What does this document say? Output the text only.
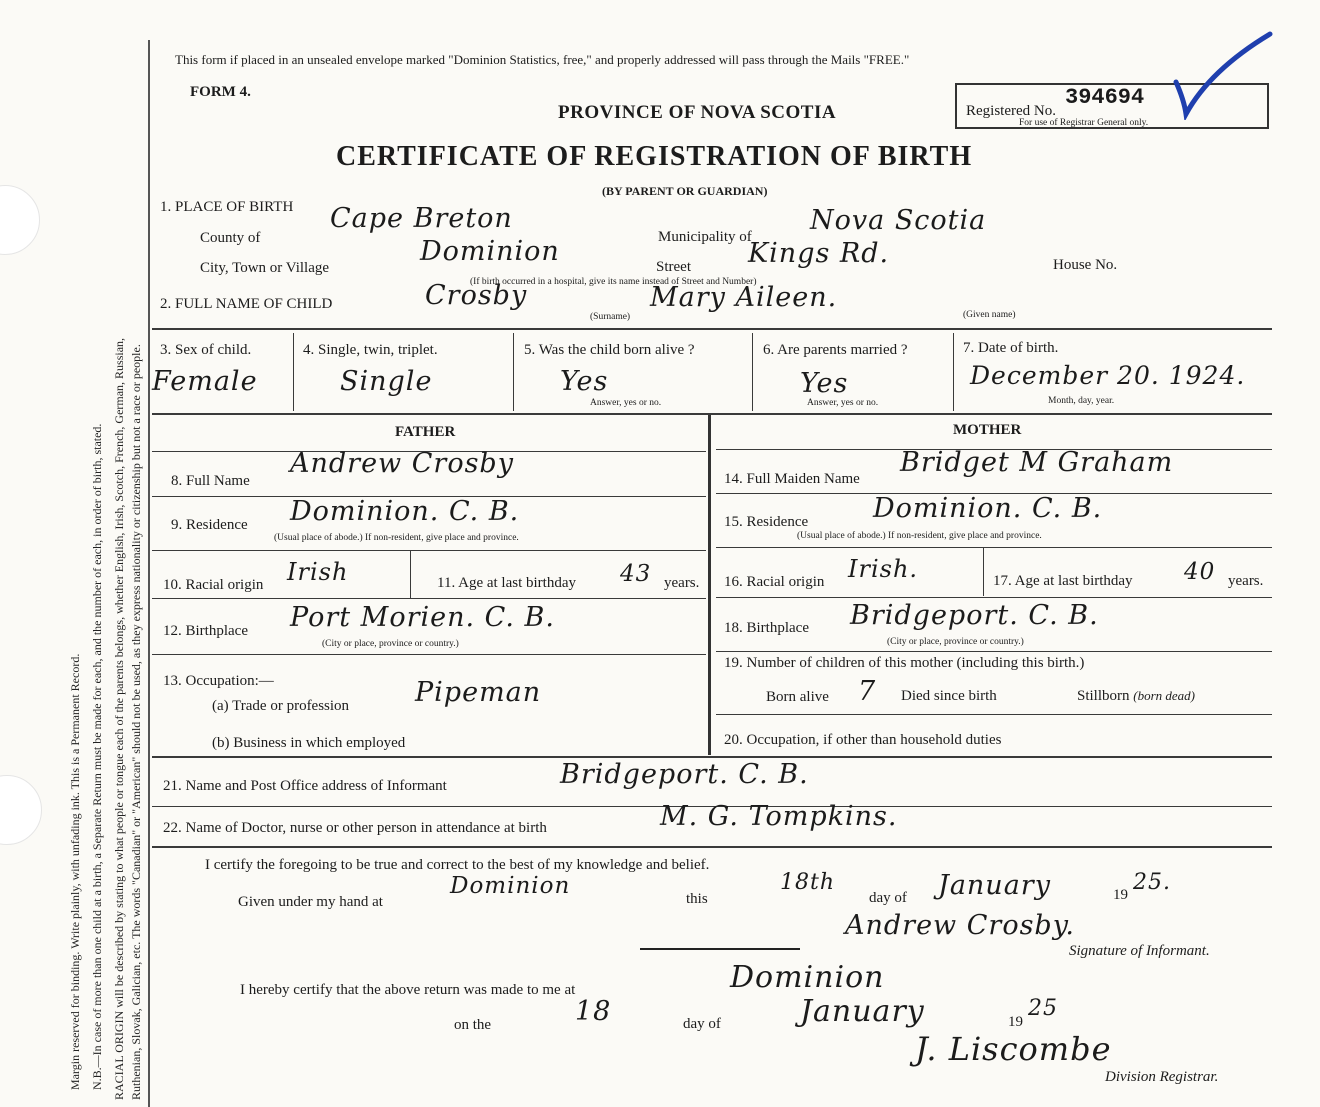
Margin reserved for binding. Write plainly, with unfading ink. This is a Permanent Record. N.B.—In case of more than one child at a birth, a Separate Return must be made for each, and the number of each, in order of birth, stated. RACIAL ORIGIN will be described by stating to what people or tongue each of the parents belongs, whether English, Irish, Scotch, French, German, Russian, Ruthenian, Slovak, Galician, etc. The words "Canadian" or "American" should not be used, as they express nationality or citizenship but not a race or people.
This form if placed in an unsealed envelope marked "Dominion Statistics, free," and properly addressed will pass through the Mails "FREE."
FORM 4.
PROVINCE OF NOVA SCOTIA
CERTIFICATE OF REGISTRATION OF BIRTH
(BY PARENT OR GUARDIAN)
Registered No.
394694
For use of Registrar General only.
1. PLACE OF BIRTH
County of
Cape Breton
Municipality of
Nova Scotia
City, Town or Village
Dominion
(If birth occurred in a hospital, give its name instead of Street and Number)
Street Kings Rd.	House No.
2. FULL NAME OF CHILD	Crosby
(Surname)
Mary Aileen.
(Given name)
3. Sex of child.
Female
4. Single, twin, triplet.
Single
5. Was the child born alive ?
Yes
Answer, yes or no.
6. Are parents married ?
Yes
Answer, yes or no.
7. Date of birth.
December 20. 1924.
Month, day, year.
FATHER	MOTHER
8. Full Name
Andrew Crosby
9. Residence Dominion. C. B.
(Usual place of abode.) If non-resident, give place and province.
10. Racial origin Irish	11. Age at last birthday 43 years.
12. Birthplace Port Morien. C. B.
(City or place, province or country.)
13. Occupation:—
(a) Trade or profession Pipeman
(b) Business in which employed
14. Full Maiden Name
Bridget M Graham
15. Residence Dominion. C. B.
(Usual place of abode.) If non-resident, give place and province.
16. Racial origin Irish.	17. Age at last birthday 40 years.
18. Birthplace Bridgeport. C. B.
(City or place, province or country.)
19. Number of children of this mother (including this birth.)
Born alive 7 Died since birth	Stillborn (born dead)
20. Occupation, if other than household duties
21. Name and Post Office address of Informant	Bridgeport. C. B.
22. Name of Doctor, nurse or other person in attendance at birth	M. G. Tompkins.
I certify the foregoing to be true and correct to the best of my knowledge and belief.
Given under my hand at
Dominion	this
18th
day of January	19 25.
Andrew Crosby.
Signature of Informant.
I hereby certify that the above return was made to me at	Dominion
on the	18	day of	January	19
25
J. Liscombe
Division Registrar.
